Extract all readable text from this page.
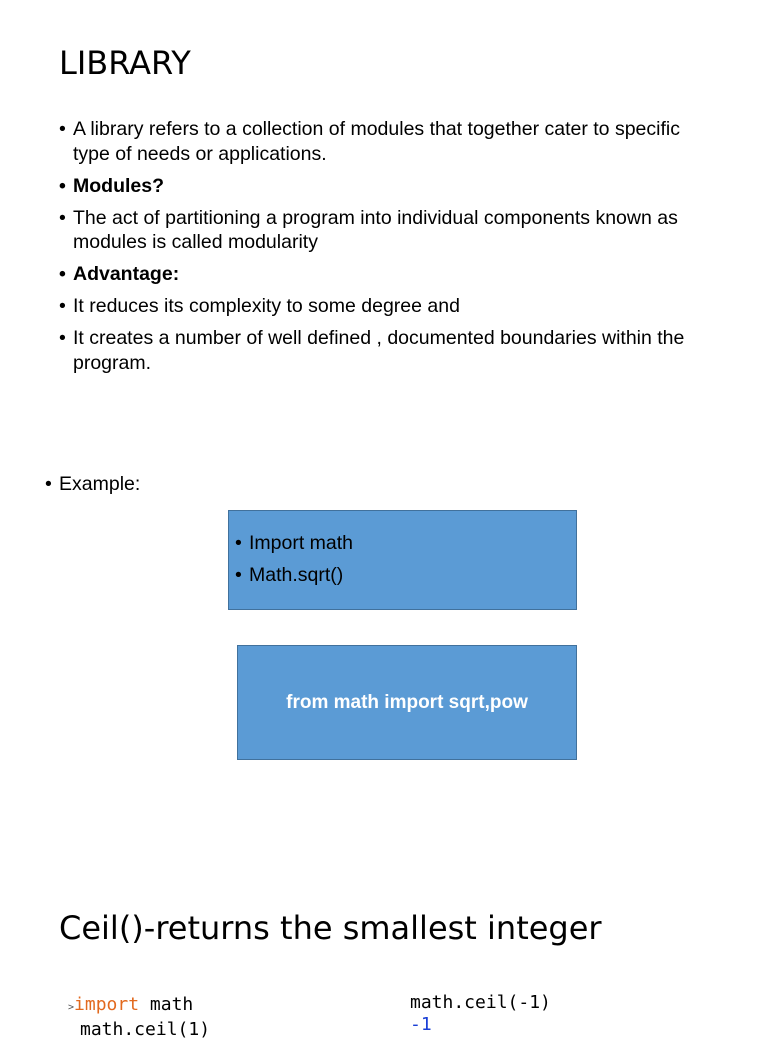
LIBRARY
• A library refers to a collection of modules that together cater to specific type of needs or applications.
• Modules?
• The act of partitioning a program into individual components known as modules is called modularity
• Advantage:
• It reduces its complexity to some degree and
• It creates a number of well defined , documented boundaries within the program.
• Example:
• Import math
• Math.sqrt()
from math import sqrt,pow
Ceil()-returns the smallest integer
>import math
math.ceil(1)
math.ceil(-1)
-1
